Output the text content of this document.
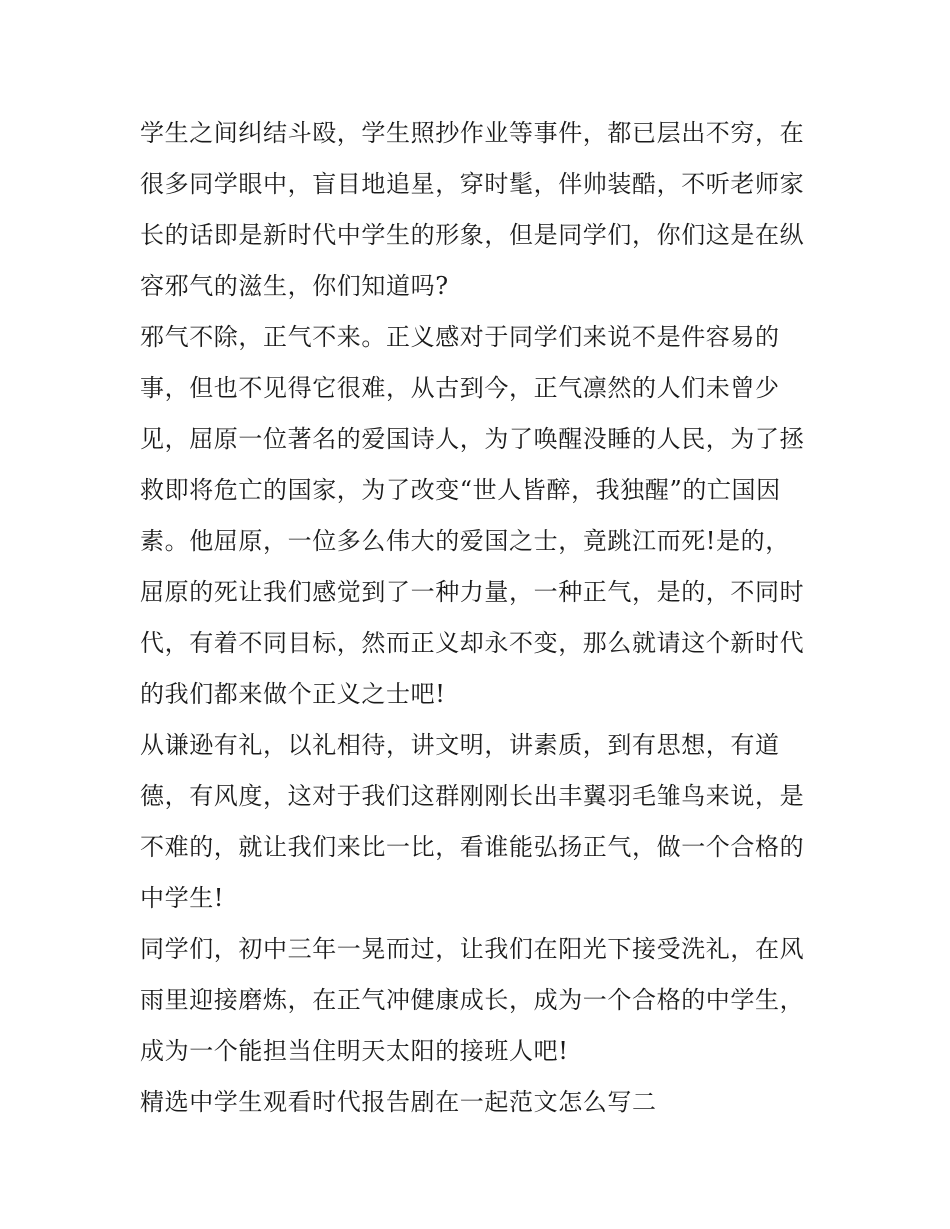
学生之间纠结斗殴，学生照抄作业等事件，都已层出不穷，在
很多同学眼中，盲目地追星，穿时髦，伴帅装酷，不听老师家
长的话即是新时代中学生的形象，但是同学们，你们这是在纵
容邪气的滋生，你们知道吗?
邪气不除，正气不来。正义感对于同学们来说不是件容易的
事，但也不见得它很难，从古到今，正气凛然的人们未曾少
见，屈原一位著名的爱国诗人，为了唤醒没睡的人民，为了拯
救即将危亡的国家，为了改变“世人皆醉，我独醒”的亡国因
素。他屈原，一位多么伟大的爱国之士，竟跳江而死!是的，
屈原的死让我们感觉到了一种力量，一种正气，是的，不同时
代，有着不同目标，然而正义却永不变，那么就请这个新时代
的我们都来做个正义之士吧!
从谦逊有礼，以礼相待，讲文明，讲素质，到有思想，有道
德，有风度，这对于我们这群刚刚长出丰翼羽毛雏鸟来说，是
不难的，就让我们来比一比，看谁能弘扬正气，做一个合格的
中学生!
同学们，初中三年一晃而过，让我们在阳光下接受洗礼，在风
雨里迎接磨炼，在正气冲健康成长，成为一个合格的中学生，
成为一个能担当住明天太阳的接班人吧!
精选中学生观看时代报告剧在一起范文怎么写二
